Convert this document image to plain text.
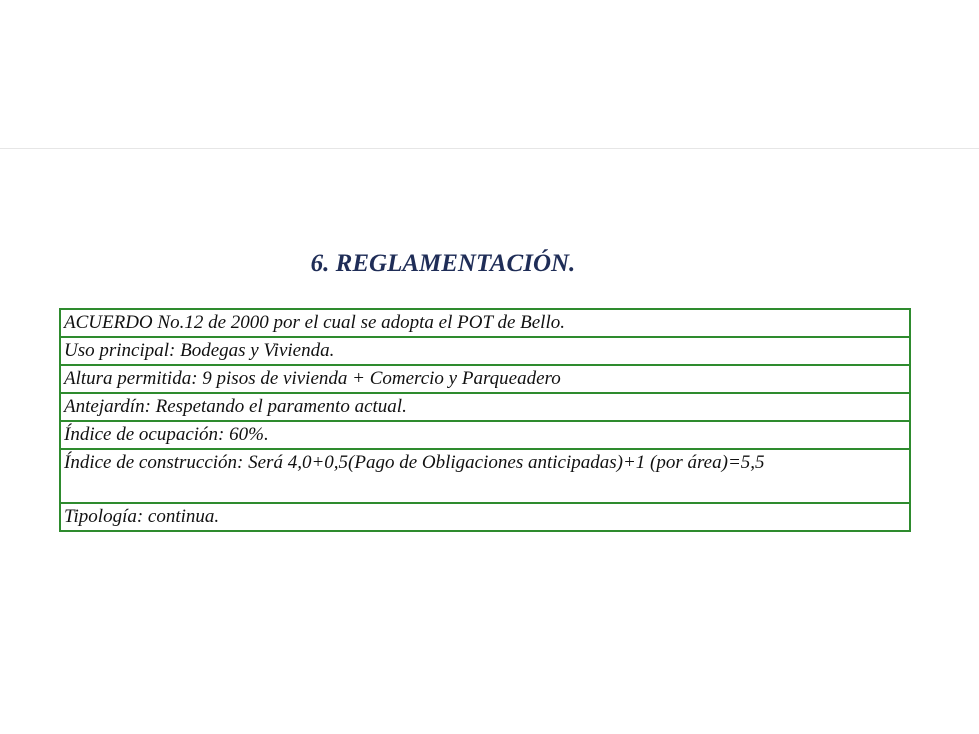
6. REGLAMENTACIÓN.
ACUERDO No.12 de 2000 por el cual se adopta el POT de Bello.
Uso principal: Bodegas y Vivienda.
Altura permitida: 9 pisos de vivienda + Comercio y Parqueadero
Antejardín: Respetando el paramento actual.
Índice de ocupación: 60%.
Índice de construcción: Será 4,0+0,5(Pago de Obligaciones anticipadas)+1 (por área)=5,5
Tipología: continua.
